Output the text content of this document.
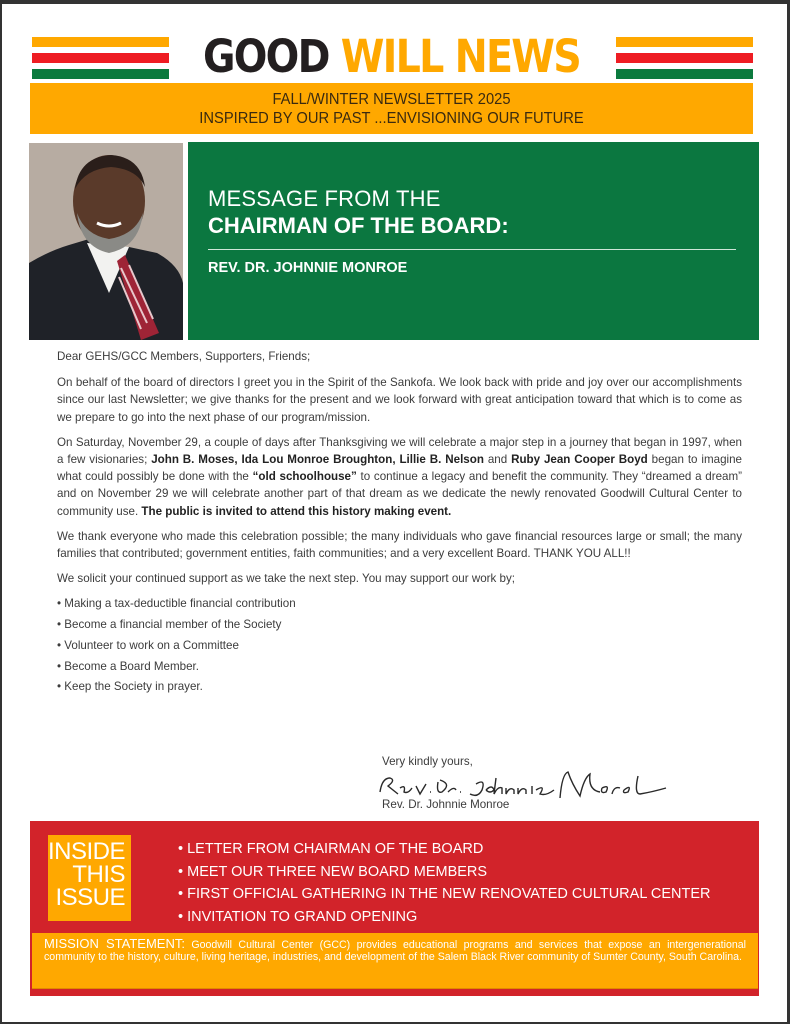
GOOD WILL NEWS
FALL/WINTER NEWSLETTER 2025
INSPIRED BY OUR PAST ...ENVISIONING OUR FUTURE
MESSAGE FROM THE
CHAIRMAN OF THE BOARD:
REV. DR. JOHNNIE MONROE

Dear GEHS/GCC Members, Supporters, Friends;

On behalf of the board of directors I greet you in the Spirit of the Sankofa. We look back with pride and joy over our accomplishments since our last Newsletter; we give thanks for the present and we look forward with great anticipation toward that which is to come as we prepare to go into the next phase of our program/mission.

On Saturday, November 29, a couple of days after Thanksgiving we will celebrate a major step in a journey that began in 1997, when a few visionaries; John B. Moses, Ida Lou Monroe Broughton, Lillie B. Nelson and Ruby Jean Cooper Boyd began to imagine what could possibly be done with the “old schoolhouse” to continue a legacy and benefit the community. They “dreamed a dream” and on November 29 we will celebrate another part of that dream as we dedicate the newly renovated Goodwill Cultural Center to community use. The public is invited to attend this history making event.

We thank everyone who made this celebration possible; the many individuals who gave financial resources large or small; the many families that contributed; government entities, faith communities; and a very excellent Board. THANK YOU ALL!!

We solicit your continued support as we take the next step. You may support our work by;

• Making a tax-deductible financial contribution
• Become a financial member of the Society
• Volunteer to work on a Committee
• Become a Board Member.
• Keep the Society in prayer.
Very kindly yours,
Rev. Dr. Johnnie Monroe
INSIDE
THIS
ISSUE
• LETTER FROM CHAIRMAN OF THE BOARD
• MEET OUR THREE NEW BOARD MEMBERS
• FIRST OFFICIAL GATHERING IN THE NEW RENOVATED CULTURAL CENTER
• INVITATION TO GRAND OPENING
MISSION STATEMENT: Goodwill Cultural Center (GCC) provides educational programs and services that expose an intergenerational community to the history, culture, living heritage, industries, and development of the Salem Black River community of Sumter County, South Carolina.
